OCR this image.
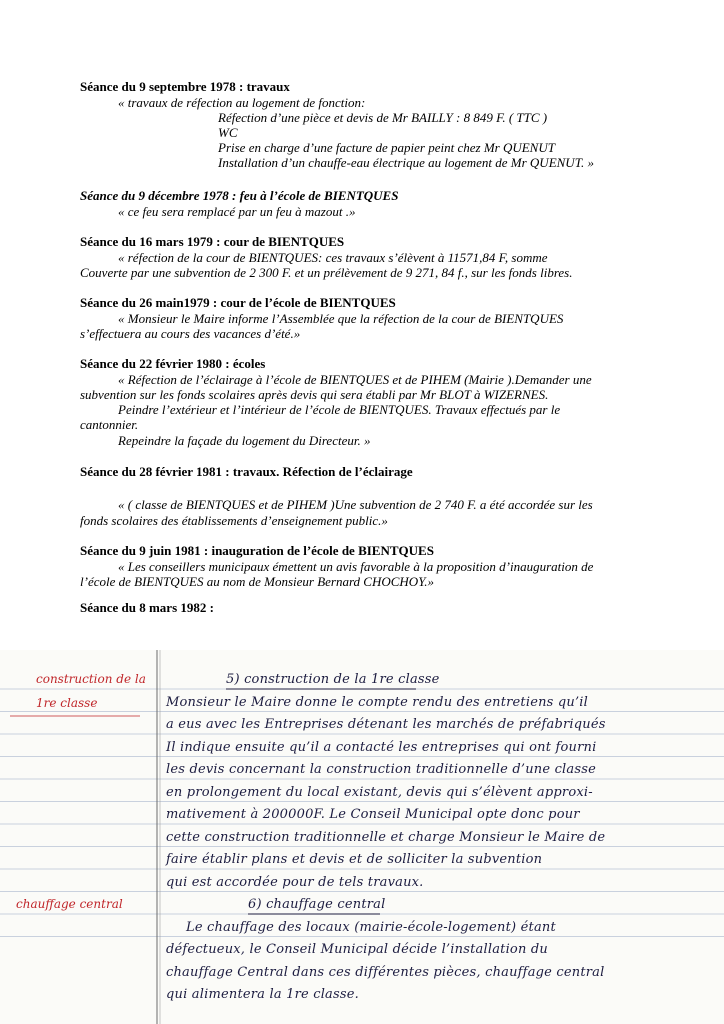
Séance du 9 septembre 1978 : travaux
« travaux de réfection au logement de fonction:
Réfection d’une pièce et devis de Mr BAILLY : 8 849 F. ( TTC )
WC
Prise en charge d’une facture de papier peint chez Mr QUENUT
Installation d’un chauffe-eau électrique au logement de Mr QUENUT. »
Séance du 9 décembre 1978 : feu à l’école de BIENTQUES
« ce feu sera remplacé par un feu à mazout .»
Séance du 16 mars 1979 : cour de BIENTQUES
« réfection de la cour de BIENTQUES: ces travaux s’élèvent à 11571,84 F, somme
Couverte par une subvention de 2 300 F. et un prélèvement de 9 271, 84 f., sur les fonds libres.
Séance du 26 main1979 : cour de l’école de BIENTQUES
« Monsieur le Maire informe l’Assemblée que la réfection de la cour de BIENTQUES
s’effectuera au cours des vacances d’été.»
Séance du 22 février 1980 : écoles
« Réfection de l’éclairage à l’école de BIENTQUES et de PIHEM (Mairie ).Demander une
subvention sur les fonds scolaires après devis qui sera établi par Mr BLOT à WIZERNES.
Peindre l’extérieur et l’intérieur de l’école de BIENTQUES. Travaux effectués par le
cantonnier.
Repeindre la façade du logement du Directeur. »
Séance du 28 février 1981 : travaux. Réfection de l’éclairage
« ( classe de BIENTQUES et de PIHEM )Une subvention de 2 740 F. a été accordée sur les
fonds scolaires des établissements d’enseignement public.»
Séance du 9 juin 1981 : inauguration de l’école de BIENTQUES
« Les conseillers municipaux émettent un avis favorable à la proposition d’inauguration de
l’école de BIENTQUES au nom de Monsieur Bernard CHOCHOY.»
Séance du 8 mars 1982 :
construction de la
1re classe
chauffage central
5) construction de la 1re classe
Monsieur le Maire donne le compte rendu des entretiens qu’il
a eus avec les Entreprises détenant les marchés de préfabriqués
Il indique ensuite qu’il a contacté les entreprises qui ont fourni
les devis concernant la construction traditionnelle d’une classe
en prolongement du local existant, devis qui s’élèvent approxi-
mativement à 200000F. Le Conseil Municipal opte donc pour
cette construction traditionnelle et charge Monsieur le Maire de
faire établir plans et devis et de solliciter la subvention
qui est accordée pour de tels travaux.
6) chauffage central
Le chauffage des locaux (mairie-école-logement) étant
défectueux, le Conseil Municipal décide l’installation du
chauffage Central dans ces différentes pièces, chauffage central
qui alimentera la 1re classe.
